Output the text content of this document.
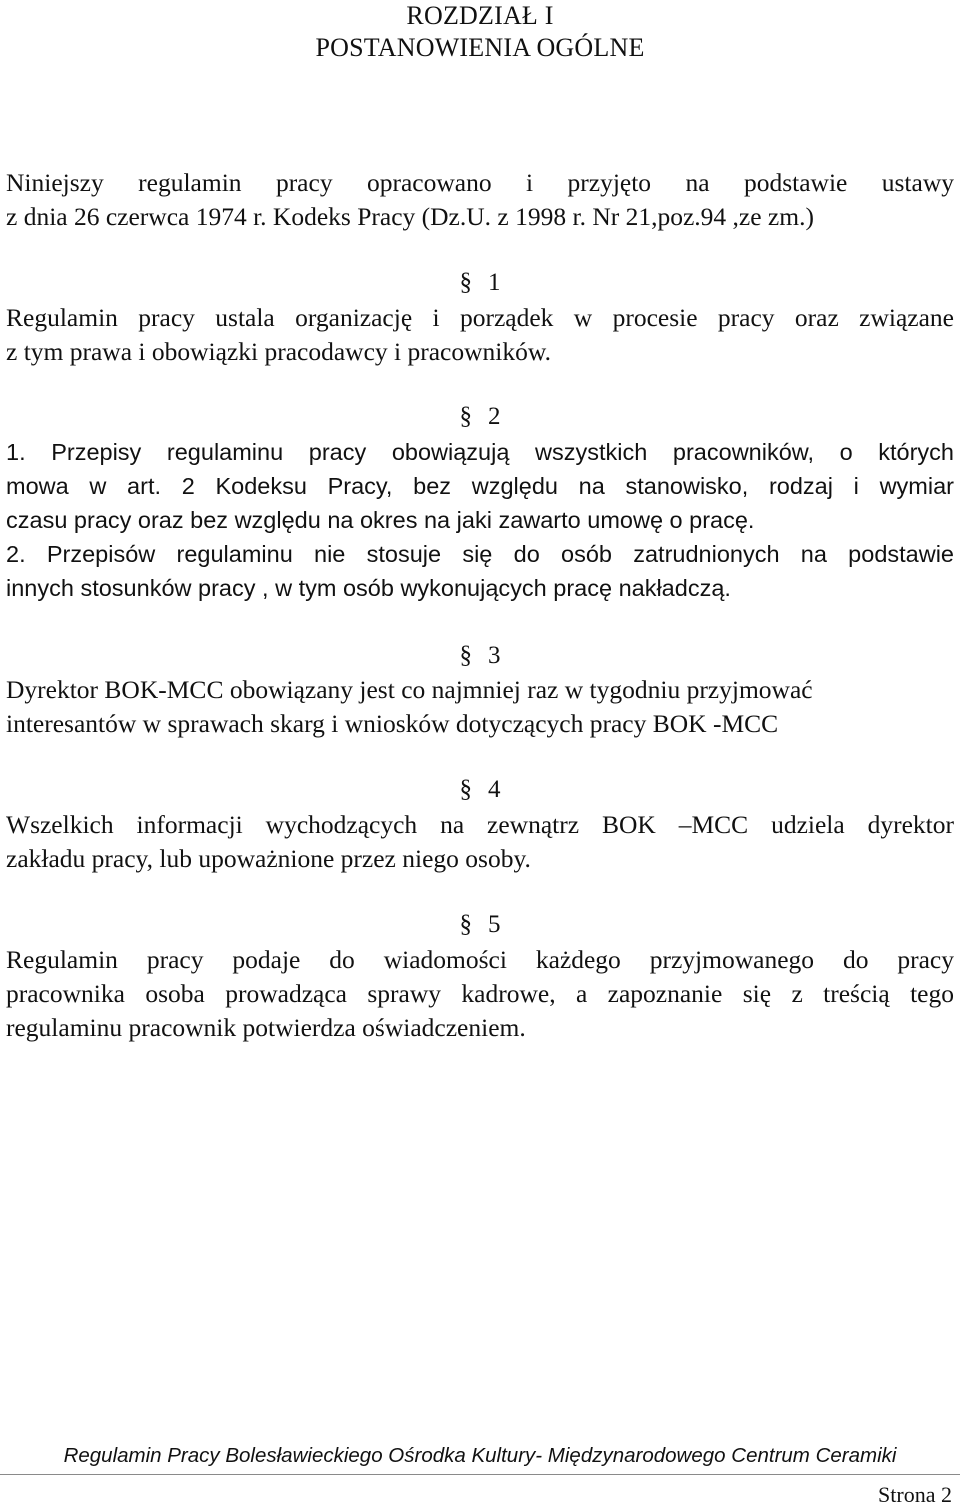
ROZDZIAŁ I
POSTANOWIENIA OGÓLNE
Niniejszy regulamin pracy opracowano i przyjęto na podstawie ustawy
z dnia 26 czerwca 1974 r. Kodeks Pracy (Dz.U. z 1998 r. Nr 21,poz.94 ,ze zm.)
§ 1
Regulamin pracy ustala organizację i porządek w procesie pracy oraz związane
z tym prawa i obowiązki pracodawcy i pracowników.
§ 2
1. Przepisy regulaminu pracy obowiązują wszystkich pracowników, o których
mowa w art. 2 Kodeksu Pracy, bez względu na stanowisko, rodzaj i wymiar
czasu pracy oraz bez względu na okres na jaki zawarto umowę o pracę.
2. Przepisów regulaminu nie stosuje się do osób zatrudnionych na podstawie
innych stosunków pracy , w tym osób wykonujących pracę nakładczą.
§ 3
Dyrektor BOK-MCC obowiązany jest co najmniej raz w tygodniu przyjmować
interesantów w sprawach skarg i wniosków dotyczących pracy BOK -MCC
§ 4
Wszelkich informacji wychodzących na zewnątrz BOK –MCC udziela dyrektor
zakładu pracy, lub upoważnione przez niego osoby.
§ 5
Regulamin pracy podaje do wiadomości każdego przyjmowanego do pracy
pracownika osoba prowadząca sprawy kadrowe, a zapoznanie się z treścią tego
regulaminu pracownik potwierdza oświadczeniem.
Regulamin Pracy Bolesławieckiego Ośrodka Kultury- Międzynarodowego Centrum Ceramiki
Strona 2
